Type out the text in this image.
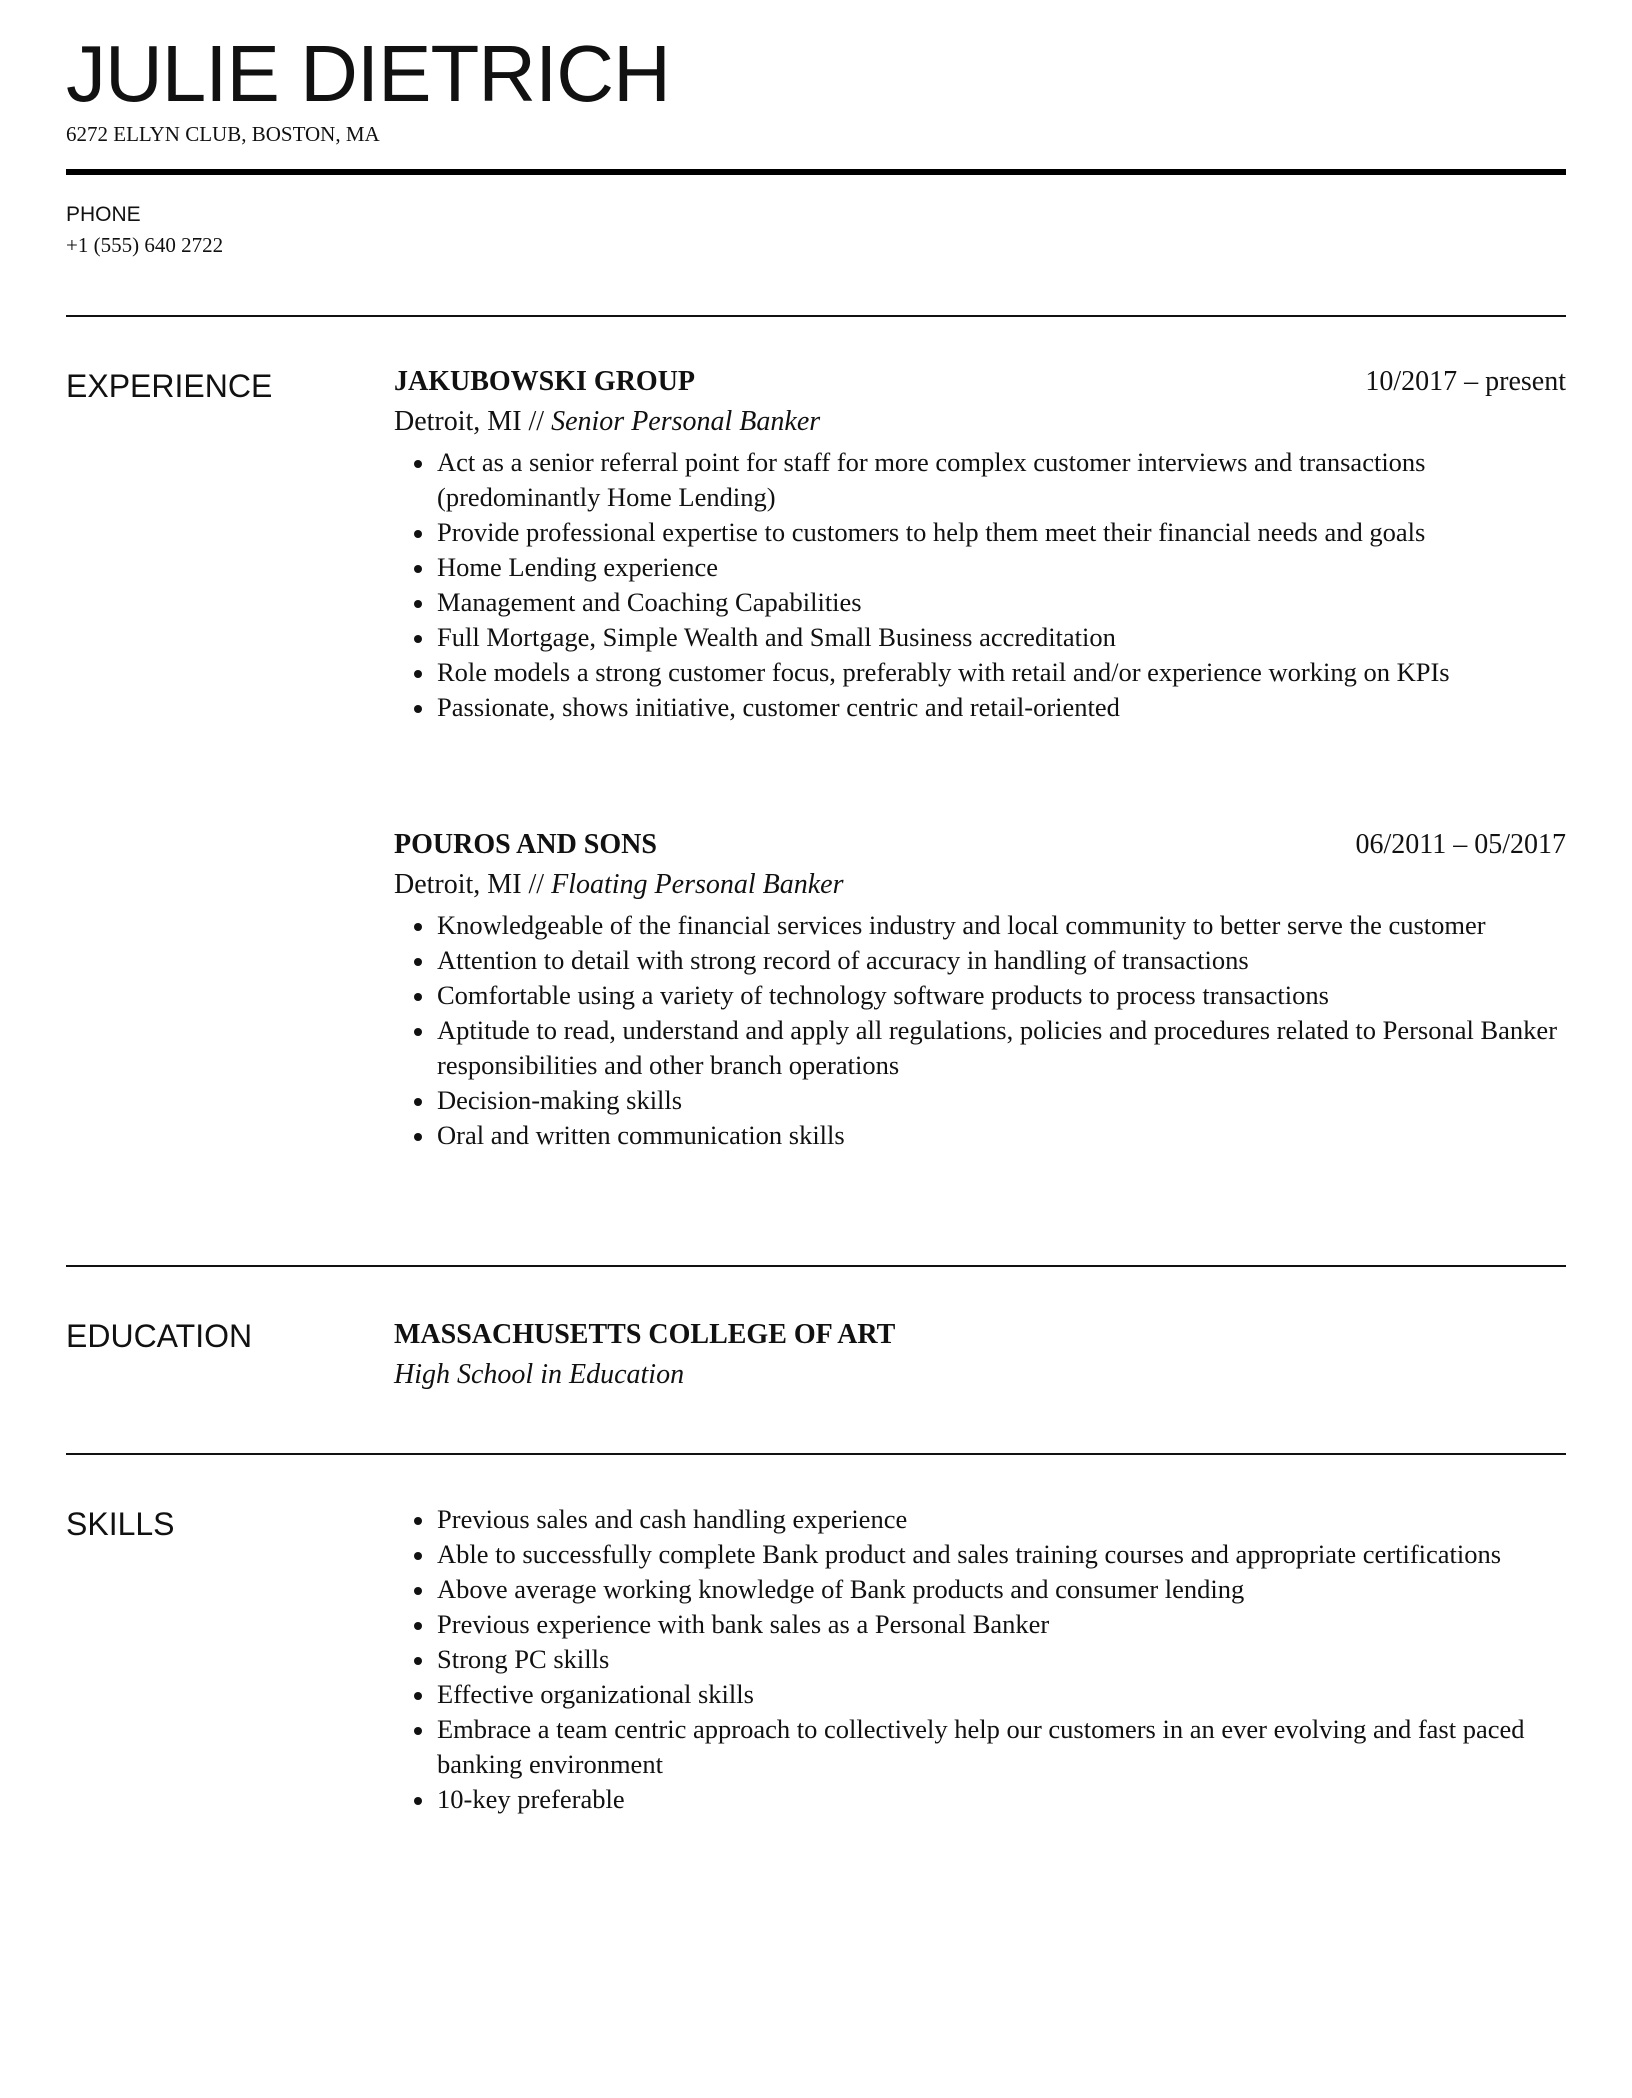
JULIE DIETRICH
6272 ELLYN CLUB, BOSTON, MA
PHONE
+1 (555) 640 2722
EXPERIENCE	JAKUBOWSKI GROUP	10/2017 – present
Detroit, MI // Senior Personal Banker
Act as a senior referral point for staff for more complex customer interviews and transactions (predominantly Home Lending)
Provide professional expertise to customers to help them meet their financial needs and goals
Home Lending experience
Management and Coaching Capabilities
Full Mortgage, Simple Wealth and Small Business accreditation
Role models a strong customer focus, preferably with retail and/or experience working on KPIs
Passionate, shows initiative, customer centric and retail-oriented
POUROS AND SONS	06/2011 – 05/2017
Detroit, MI // Floating Personal Banker
Knowledgeable of the financial services industry and local community to better serve the customer
Attention to detail with strong record of accuracy in handling of transactions
Comfortable using a variety of technology software products to process transactions
Aptitude to read, understand and apply all regulations, policies and procedures related to Personal Banker responsibilities and other branch operations
Decision-making skills
Oral and written communication skills
EDUCATION	MASSACHUSETTS COLLEGE OF ART
High School in Education
SKILLS	Previous sales and cash handling experience
Able to successfully complete Bank product and sales training courses and appropriate certifications
Above average working knowledge of Bank products and consumer lending
Previous experience with bank sales as a Personal Banker
Strong PC skills
Effective organizational skills
Embrace a team centric approach to collectively help our customers in an ever evolving and fast paced banking environment
10-key preferable
